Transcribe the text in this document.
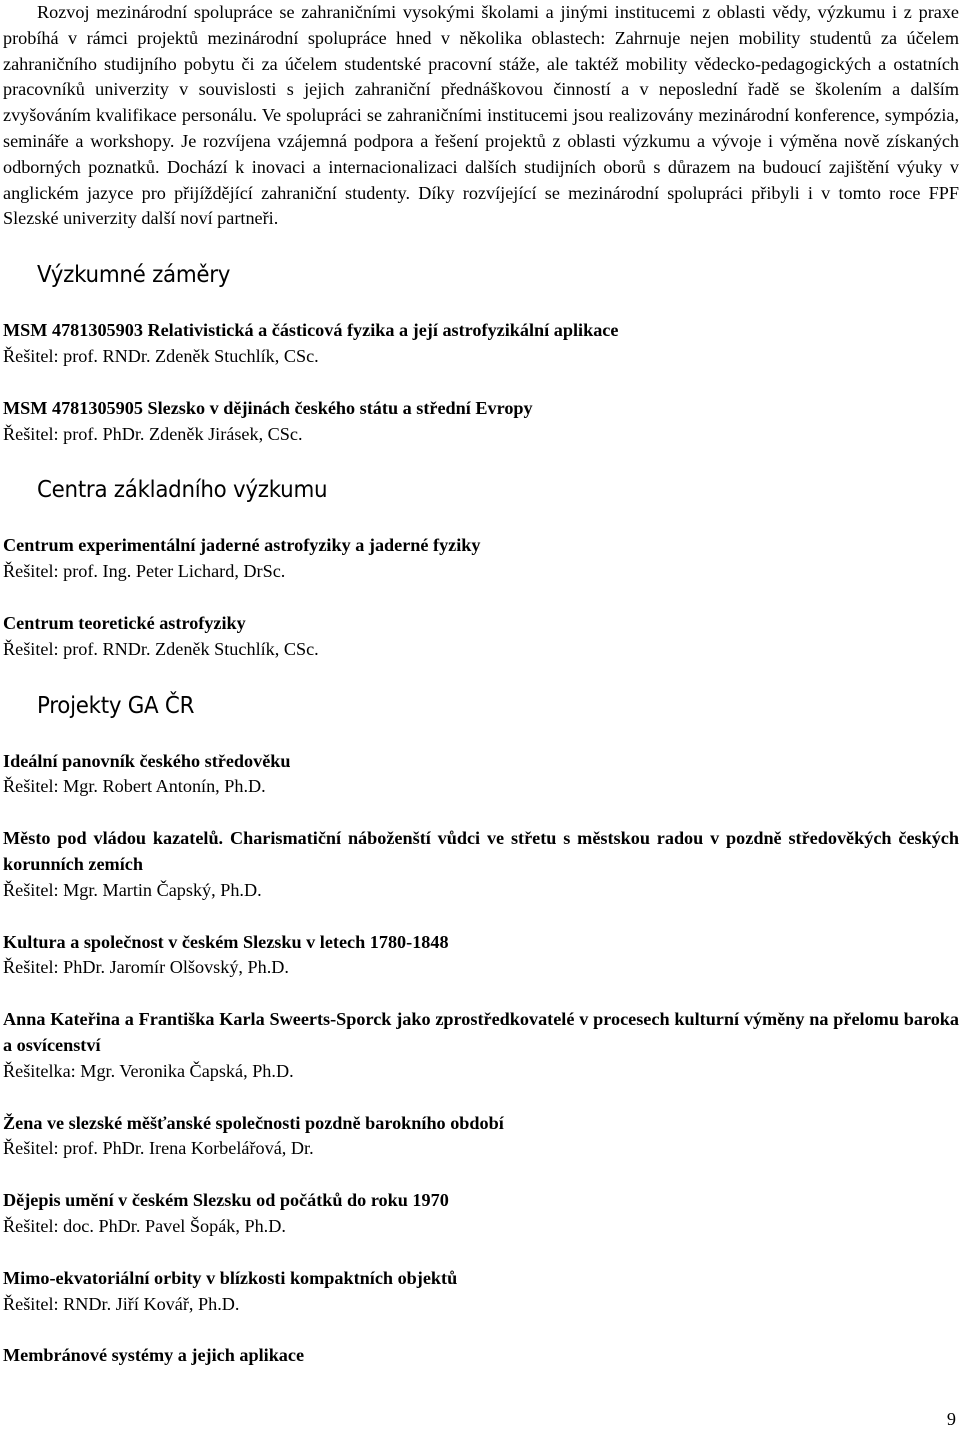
Rozvoj mezinárodní spolupráce se zahraničními vysokými školami a jinými institucemi z oblasti vědy, výzkumu i z praxe probíhá v rámci projektů mezinárodní spolupráce hned v několika oblastech: Zahrnuje nejen mobility studentů za účelem zahraničního studijního pobytu či za účelem studentské pracovní stáže, ale taktéž mobility vědecko-pedagogických a ostatních pracovníků univerzity v souvislosti s jejich zahraniční přednáškovou činností a v neposlední řadě se školením a dalším zvyšováním kvalifikace personálu. Ve spolupráci se zahraničními institucemi jsou realizovány mezinárodní konference, sympózia, semináře a workshopy. Je rozvíjena vzájemná podpora a řešení projektů z oblasti výzkumu a vývoje i výměna nově získaných odborných poznatků. Dochází k inovaci a internacionalizaci dalších studijních oborů s důrazem na budoucí zajištění výuky v anglickém jazyce pro přijíždějící zahraniční studenty. Díky rozvíjející se mezinárodní spolupráci přibyli i v tomto roce FPF Slezské univerzity další noví partneři.

Výzkumné záměry

MSM 4781305903 Relativistická a částicová fyzika a její astrofyzikální aplikace

Řešitel: prof. RNDr. Zdeněk Stuchlík, CSc.

MSM 4781305905 Slezsko v dějinách českého státu a střední Evropy

Řešitel: prof. PhDr. Zdeněk Jirásek, CSc.

Centra základního výzkumu

Centrum experimentální jaderné astrofyziky a jaderné fyziky

Řešitel: prof. Ing. Peter Lichard, DrSc.

Centrum teoretické astrofyziky

Řešitel: prof. RNDr. Zdeněk Stuchlík, CSc.

Projekty GA ČR

Ideální panovník českého středověku

Řešitel: Mgr. Robert Antonín, Ph.D.

Město pod vládou kazatelů. Charismatiční náboženští vůdci ve střetu s městskou radou v pozdně středověkých českých korunních zemích

Řešitel: Mgr. Martin Čapský, Ph.D.

Kultura a společnost v českém Slezsku v letech 1780-1848

Řešitel: PhDr. Jaromír Olšovský, Ph.D.

Anna Kateřina a Františka Karla Sweerts-Sporck jako zprostředkovatelé v procesech kulturní výměny na přelomu baroka a osvícenství

Řešitelka: Mgr. Veronika Čapská, Ph.D.

Žena ve slezské měšťanské společnosti pozdně barokního období

Řešitel: prof. PhDr. Irena Korbelářová, Dr.

Dějepis umění v českém Slezsku od počátků do roku 1970

Řešitel: doc. PhDr. Pavel Šopák, Ph.D.

Mimo-ekvatoriální orbity v blízkosti kompaktních objektů

Řešitel: RNDr. Jiří Kovář, Ph.D.

Membránové systémy a jejich aplikace

9
